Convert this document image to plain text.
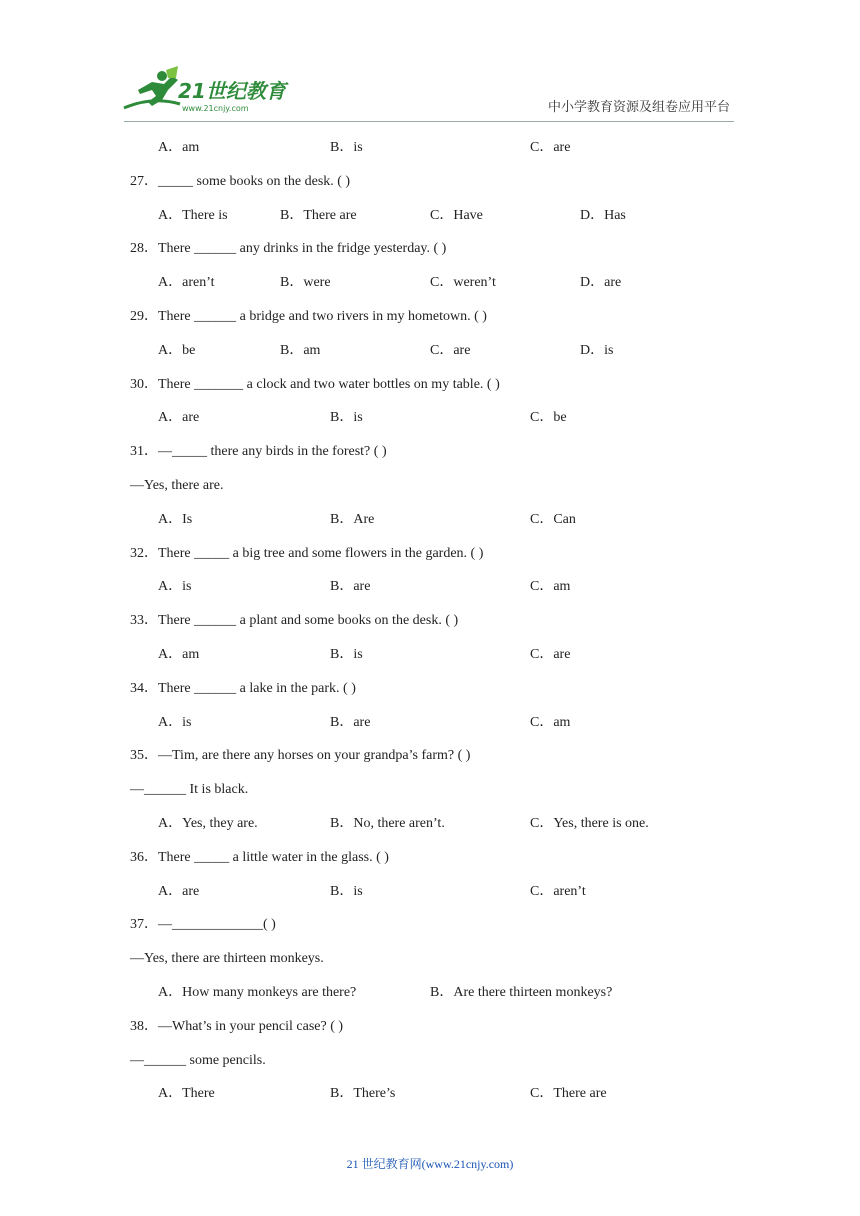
21世纪教育
www.21cnjy.com	中小学教育资源及组卷应用平台
A．am	B．is	C．are
27．_____ some books on the desk. ( )
A．There is	B．There are	C．Have	D．Has
28．There ______ any drinks in the fridge yesterday. ( )
A．aren’t	B．were	C．weren’t	D．are
29．There ______ a bridge and two rivers in my hometown. ( )
A．be	B．am	C．are	D．is
30．There _______ a clock and two water bottles on my table. ( )
A．are	B．is	C．be
31．—_____ there any birds in the forest? ( )
—Yes, there are.
A．Is	B．Are	C．Can
32．There _____ a big tree and some flowers in the garden. ( )
A．is	B．are	C．am
33．There ______ a plant and some books on the desk. ( )
A．am	B．is	C．are
34．There ______ a lake in the park. ( )
A．is	B．are	C．am
35．—Tim, are there any horses on your grandpa’s farm? ( )
—______ It is black.
A．Yes, they are.	B．No, there aren’t.	C．Yes, there is one.
36．There _____ a little water in the glass. ( )
A．are	B．is	C．aren’t
37．—_____________( )
—Yes, there are thirteen monkeys.
A．How many monkeys are there?	B．Are there thirteen monkeys?
38．—What’s in your pencil case? ( )
—______ some pencils.
A．There	B．There’s	C．There are
21 世纪教育网(www.21cnjy.com)
